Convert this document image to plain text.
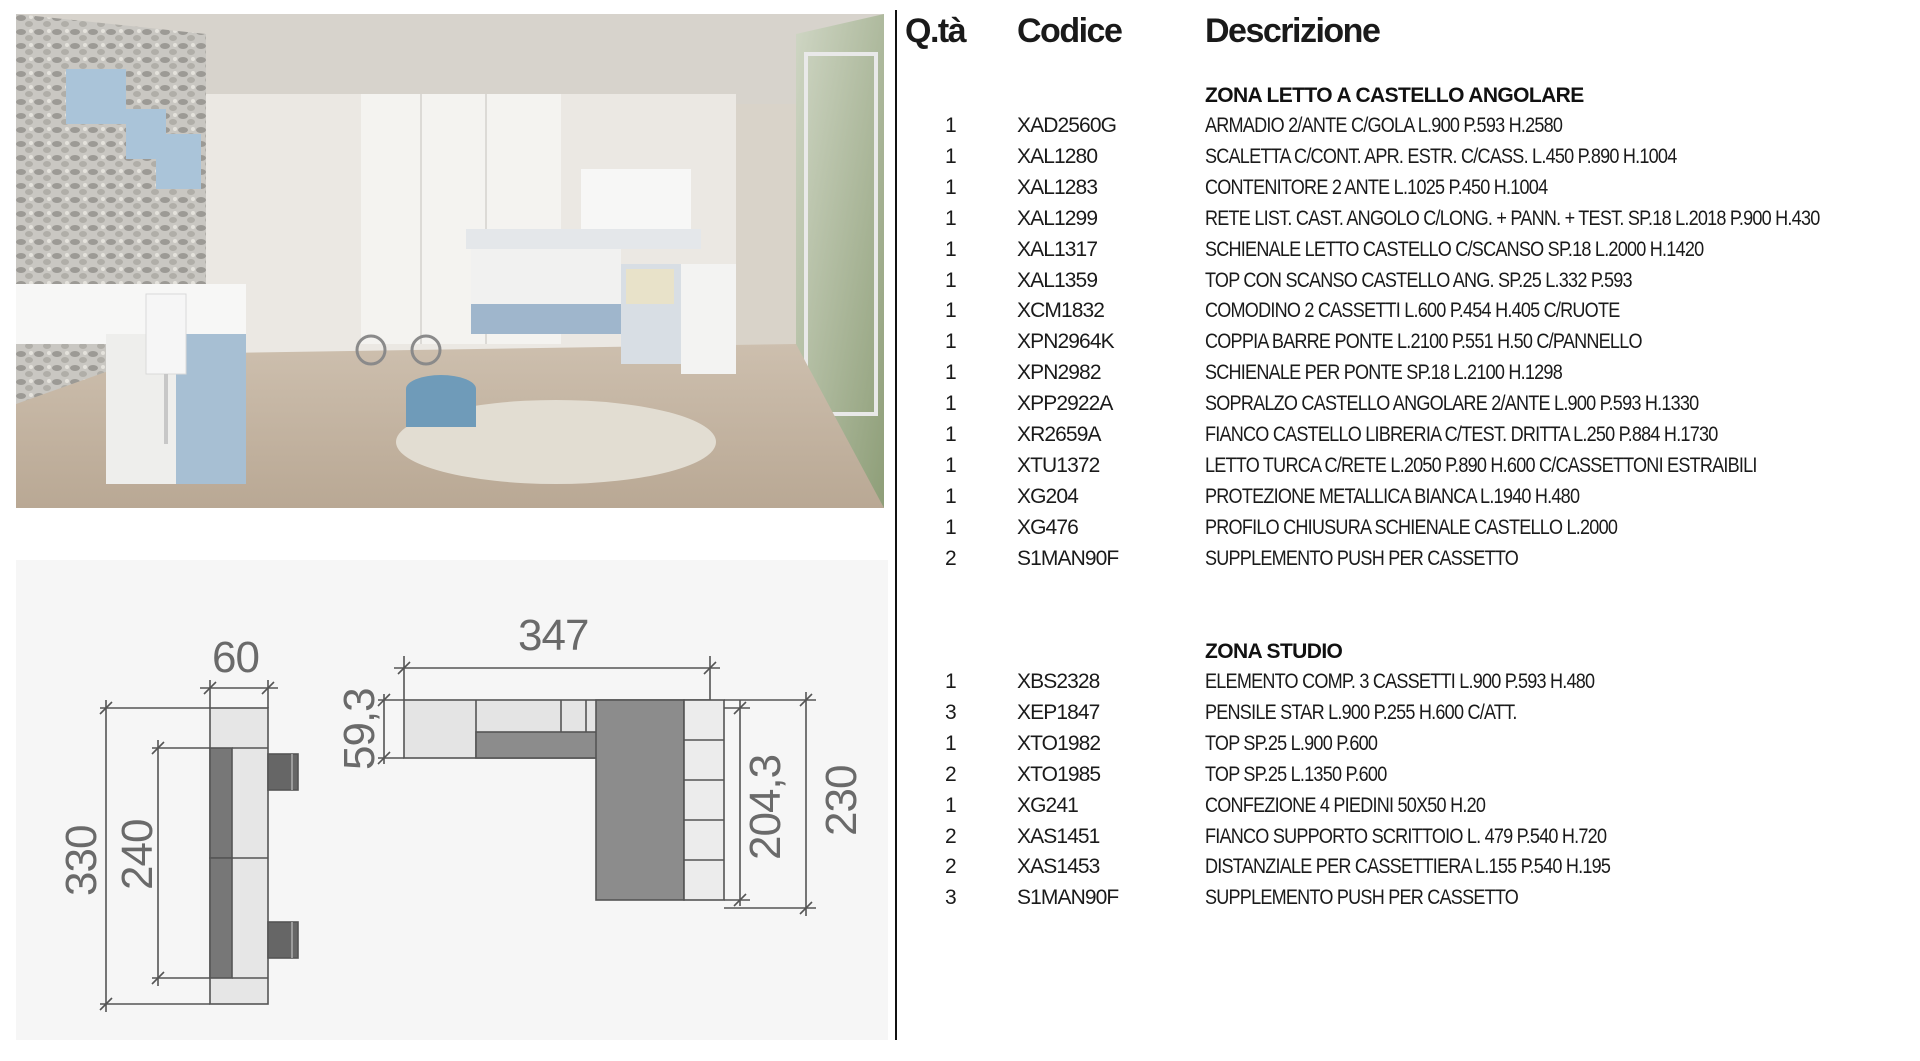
60
330 240
347
59,3
204,3 230
Q.tà Codice Descrizione
ZONA LETTO A CASTELLO ANGOLARE
1	XAD2560G	ARMADIO 2/ANTE C/GOLA L.900 P.593 H.2580
1	XAL1280	SCALETTA C/CONT. APR. ESTR. C/CASS. L.450 P.890 H.1004
1	XAL1283	CONTENITORE 2 ANTE L.1025 P.450 H.1004
1	XAL1299	RETE LIST. CAST. ANGOLO C/LONG. + PANN. + TEST. SP.18 L.2018 P.900 H.430
1	XAL1317	SCHIENALE LETTO CASTELLO C/SCANSO SP.18 L.2000 H.1420
1	XAL1359	TOP CON SCANSO CASTELLO ANG. SP.25 L.332 P.593
1	XCM1832	COMODINO 2 CASSETTI L.600 P.454 H.405 C/RUOTE
1	XPN2964K	COPPIA BARRE PONTE L.2100 P.551 H.50 C/PANNELLO
1	XPN2982	SCHIENALE PER PONTE SP.18 L.2100 H.1298
1	XPP2922A	SOPRALZO CASTELLO ANGOLARE 2/ANTE L.900 P.593 H.1330
1	XR2659A	FIANCO CASTELLO LIBRERIA C/TEST. DRITTA L.250 P.884 H.1730
1	XTU1372	LETTO TURCA C/RETE L.2050 P.890 H.600 C/CASSETTONI ESTRAIBILI
1	XG204	PROTEZIONE METALLICA BIANCA L.1940 H.480
1	XG476	PROFILO CHIUSURA SCHIENALE CASTELLO L.2000
2	S1MAN90F	SUPPLEMENTO PUSH PER CASSETTO
ZONA STUDIO
1	XBS2328	ELEMENTO COMP. 3 CASSETTI L.900 P.593 H.480
3	XEP1847	PENSILE STAR L.900 P.255 H.600 C/ATT.
1	XTO1982	TOP SP.25 L.900 P.600
2	XTO1985	TOP SP.25 L.1350 P.600
1	XG241	CONFEZIONE 4 PIEDINI 50X50 H.20
2	XAS1451	FIANCO SUPPORTO SCRITTOIO L. 479 P.540 H.720
2	XAS1453	DISTANZIALE PER CASSETTIERA L.155 P.540 H.195
3	S1MAN90F	SUPPLEMENTO PUSH PER CASSETTO
